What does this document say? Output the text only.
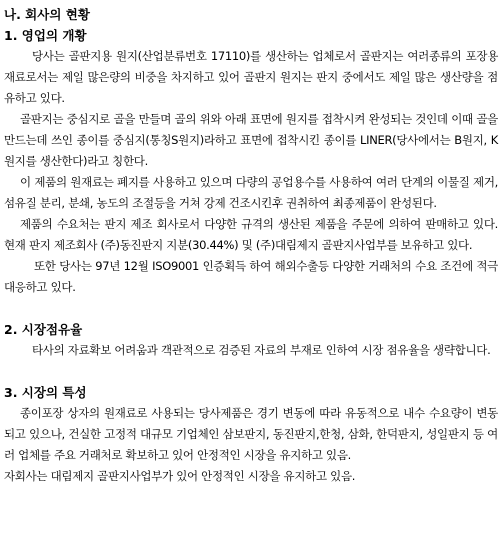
나. 회사의 현황
1. 영업의 개황

당사는 골판지용 원지(산업분류번호 17110)를 생산하는 업체로서 골판지는 여러종류의 포장용 재료로서는 제일 많은량의 비중을 차지하고 있어 골판지 원지는 판지 중에서도 제일 많은 생산량을 점유하고 있다.

골판지는 중심지로 골을 만들며 골의 위와 아래 표면에 원지를 접착시켜 완성되는 것인데 이때 골을 만드는데 쓰인 종이를 중심지(통칭S원지)라하고 표면에 접착시킨 종이를 LINER(당사에서는 B원지, K원지를 생산한다)라고 칭한다.

이 제품의 원재료는 폐지를 사용하고 있으며 다량의 공업용수를 사용하여 여러 단계의 이물질 제거, 섬유질 분리, 분쇄, 농도의 조절등을 거쳐 강제 건조시킨후 권취하여 최종제품이 완성된다.

제품의 수요처는 판지 제조 회사로서 다양한 규격의 생산된 제품을 주문에 의하여 판매하고 있다. 현재 판지 제조회사 (주)동진판지 지분(30.44%) 및 (주)대림제지 골판지사업부를 보유하고 있다.

또한 당사는 97년 12월 ISO9001 인증획득 하여 해외수출등 다양한 거래처의 수요 조건에 적극 대응하고 있다.

2. 시장점유율

타사의 자료확보 어려움과 객관적으로 검증된 자료의 부재로 인하여 시장 점유율을 생략합니다.

3. 시장의 특성

종이포장 상자의 원재료로 사용되는 당사제품은 경기 변동에 따라 유동적으로 내수 수요량이 변동되고 있으나, 건실한 고정적 대규모 기업체인 삼보판지, 동진판지,한청, 삼화, 한덕판지, 성일판지 등 여러 업체를 주요 거래처로 확보하고 있어 안정적인 시장을 유지하고 있음.

자회사는 대림제지 골판지사업부가 있어 안정적인 시장을 유지하고 있음.
